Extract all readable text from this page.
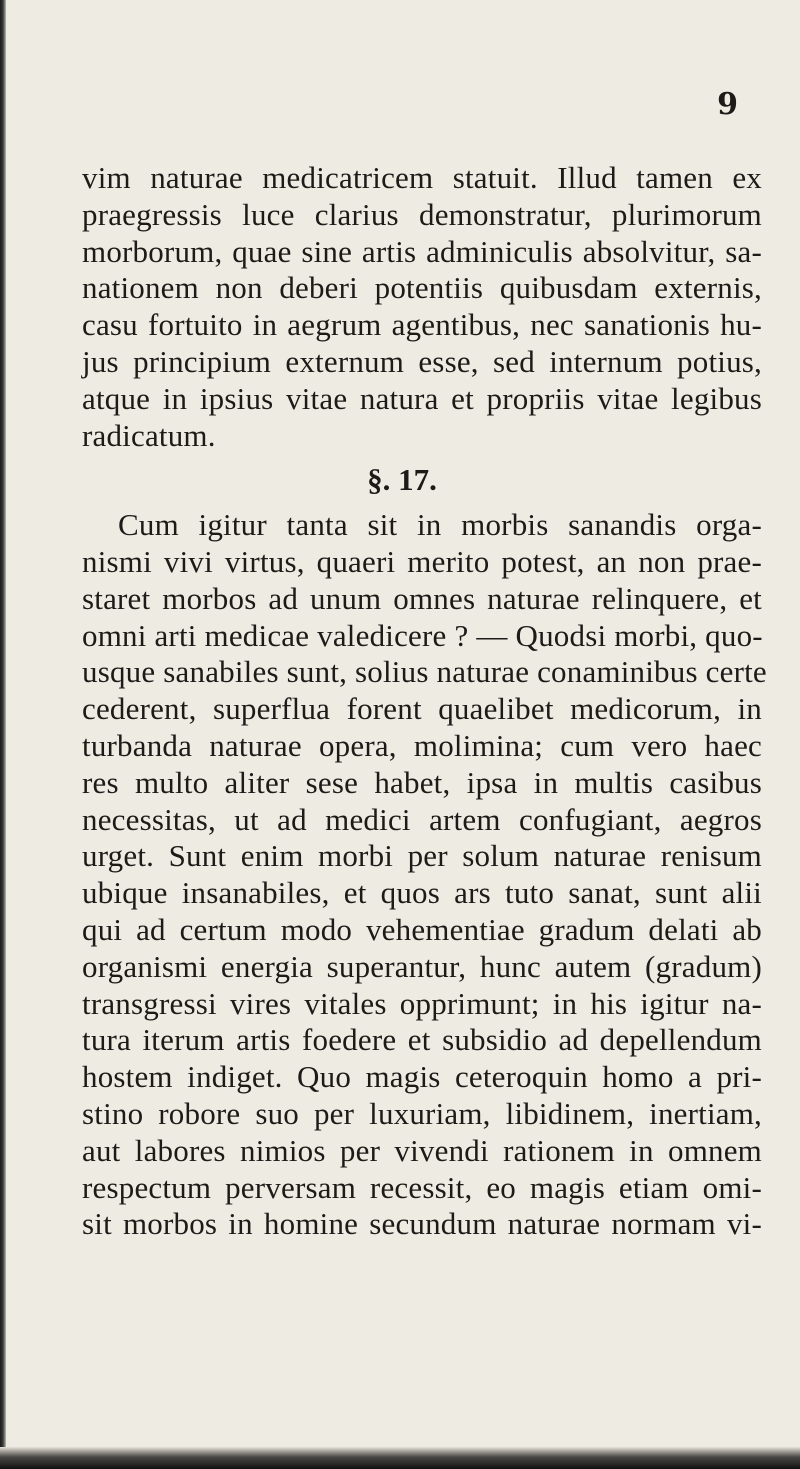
9

vim naturae medicatricem statuit. Illud tamen ex
praegressis luce clarius demonstratur, plurimorum
morborum, quae sine artis adminiculis absolvitur, sa-
nationem non deberi potentiis quibusdam externis,
casu fortuito in aegrum agentibus, nec sanationis hu-
jus principium externum esse, sed internum potius,
atque in ipsius vitae natura et propriis vitae legibus
radicatum.
§. 17.
Cum igitur tanta sit in morbis sanandis orga-
nismi vivi virtus, quaeri merito potest, an non prae-
staret morbos ad unum omnes naturae relinquere, et
omni arti medicae valedicere ? — Quodsi morbi, quo-
usque sanabiles sunt, solius naturae conaminibus certe
cederent, superflua forent quaelibet medicorum, in
turbanda naturae opera, molimina; cum vero haec
res multo aliter sese habet, ipsa in multis casibus
necessitas, ut ad medici artem confugiant, aegros
urget. Sunt enim morbi per solum naturae renisum
ubique insanabiles, et quos ars tuto sanat, sunt alii
qui ad certum modo vehementiae gradum delati ab
organismi energia superantur, hunc autem (gradum)
transgressi vires vitales opprimunt; in his igitur na-
tura iterum artis foedere et subsidio ad depellendum
hostem indiget. Quo magis ceteroquin homo a pri-
stino robore suo per luxuriam, libidinem, inertiam,
aut labores nimios per vivendi rationem in omnem
respectum perversam recessit, eo magis etiam omi-
sit morbos in homine secundum naturae normam vi-
